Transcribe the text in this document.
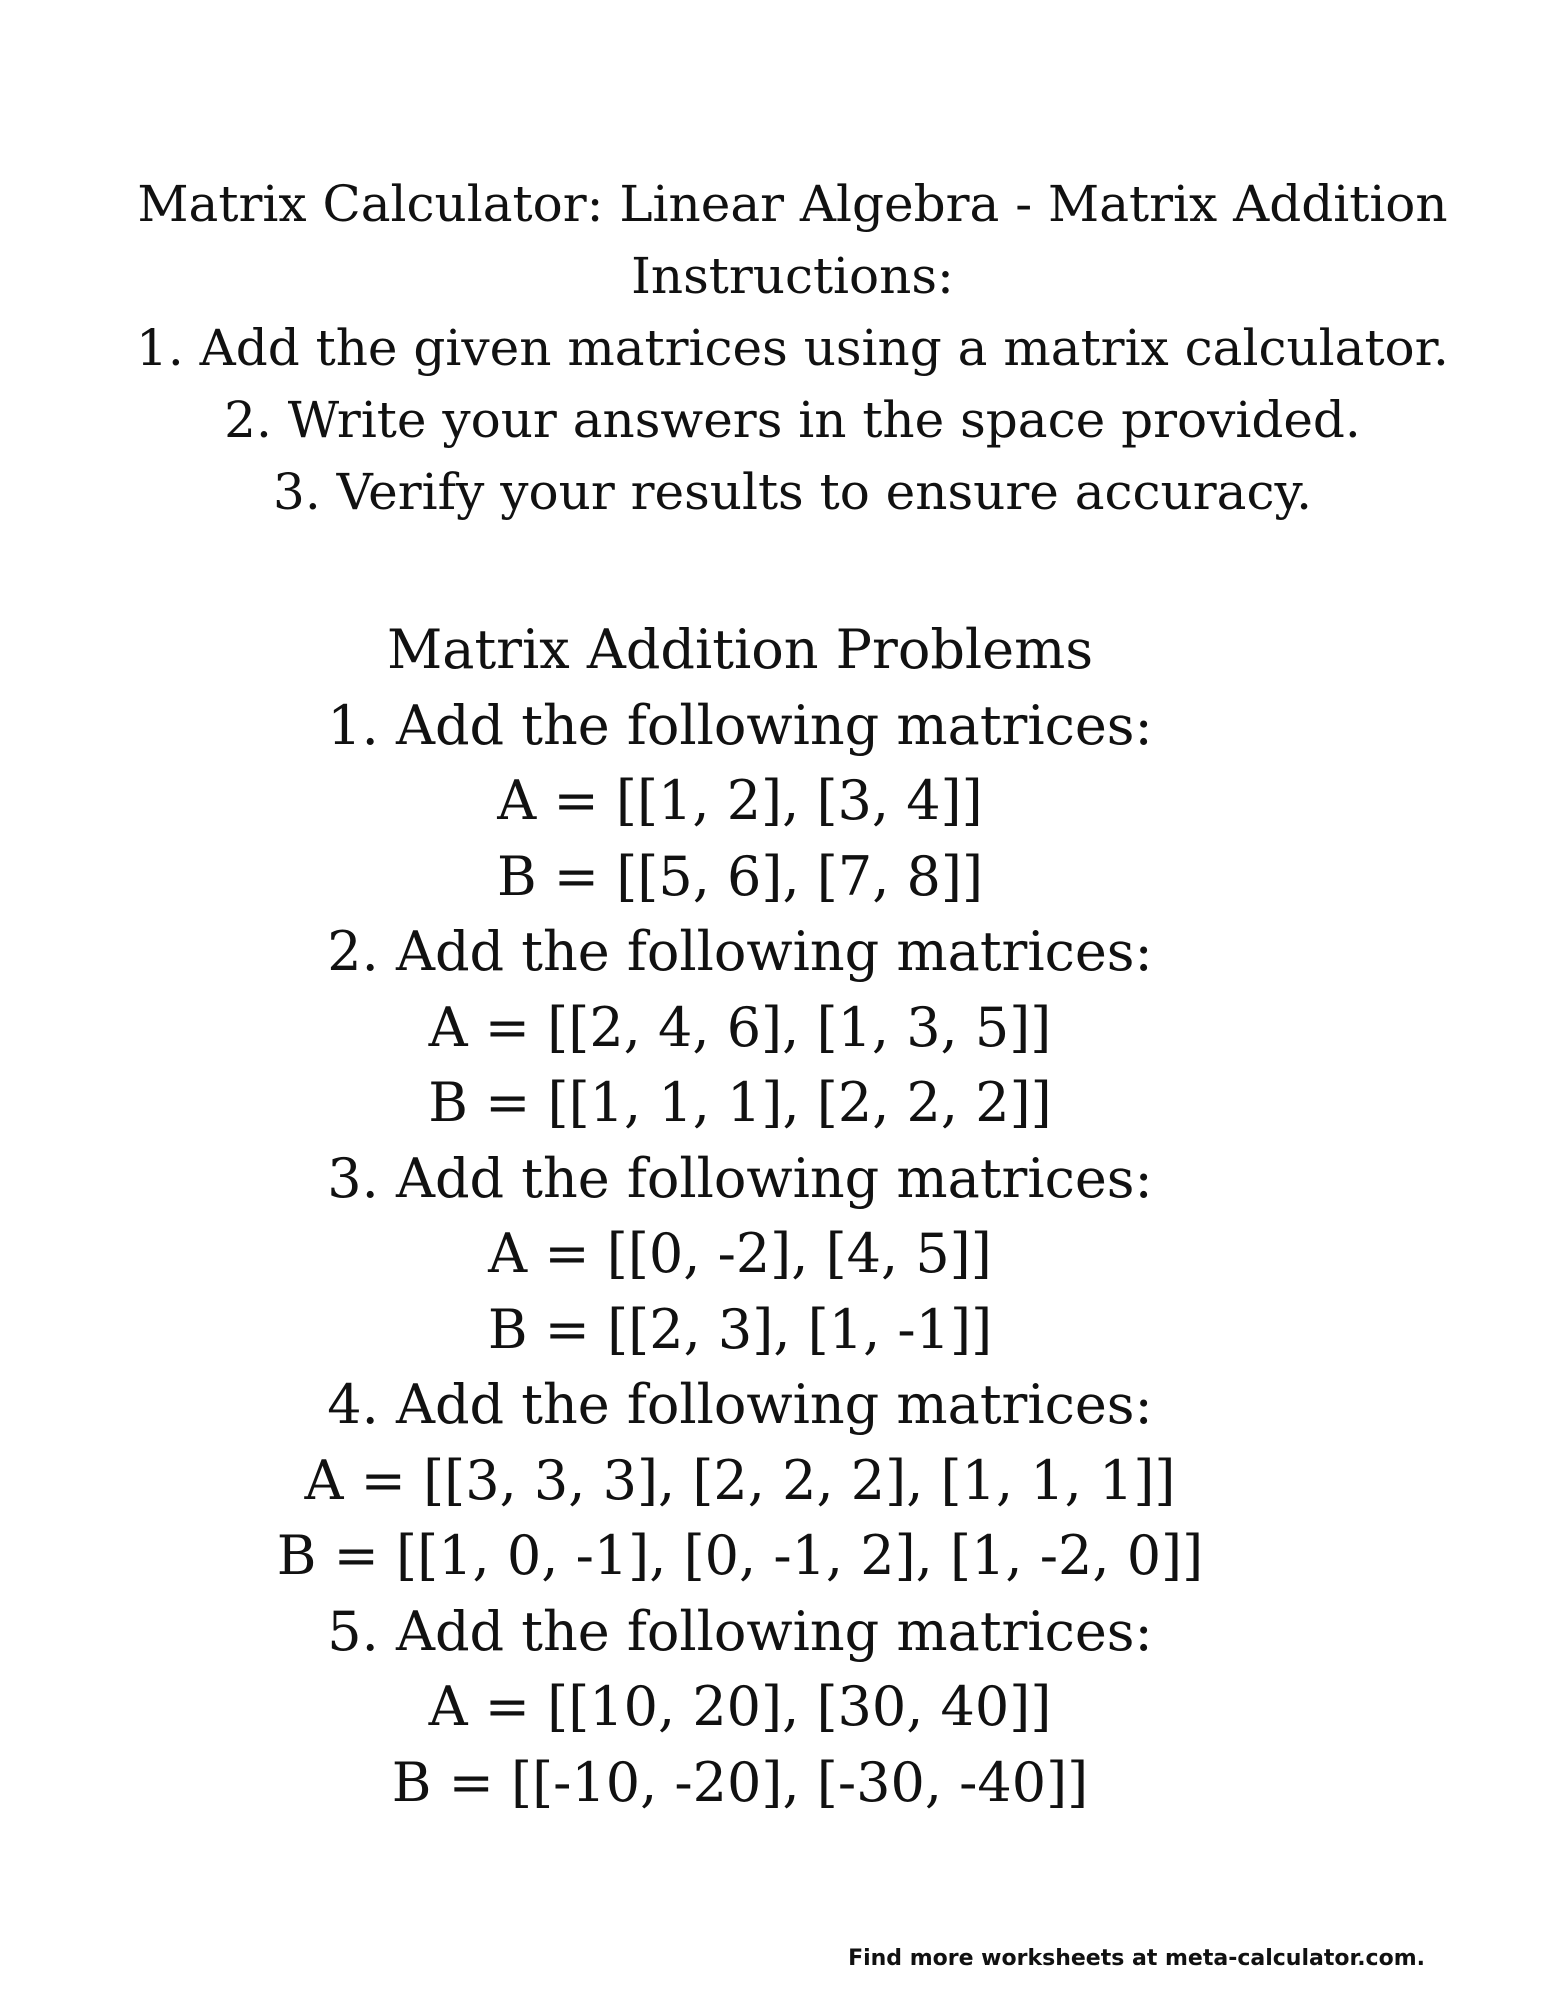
Matrix Calculator: Linear Algebra - Matrix Addition
Instructions:
1. Add the given matrices using a matrix calculator.
2. Write your answers in the space provided.
3. Verify your results to ensure accuracy.
Matrix Addition Problems
1. Add the following matrices:
A = [[1, 2], [3, 4]]
B = [[5, 6], [7, 8]]
2. Add the following matrices:
A = [[2, 4, 6], [1, 3, 5]]
B = [[1, 1, 1], [2, 2, 2]]
3. Add the following matrices:
A = [[0, -2], [4, 5]]
B = [[2, 3], [1, -1]]
4. Add the following matrices:
A = [[3, 3, 3], [2, 2, 2], [1, 1, 1]]
B = [[1, 0, -1], [0, -1, 2], [1, -2, 0]]
5. Add the following matrices:
A = [[10, 20], [30, 40]]
B = [[-10, -20], [-30, -40]]
Find more worksheets at meta-calculator.com.
